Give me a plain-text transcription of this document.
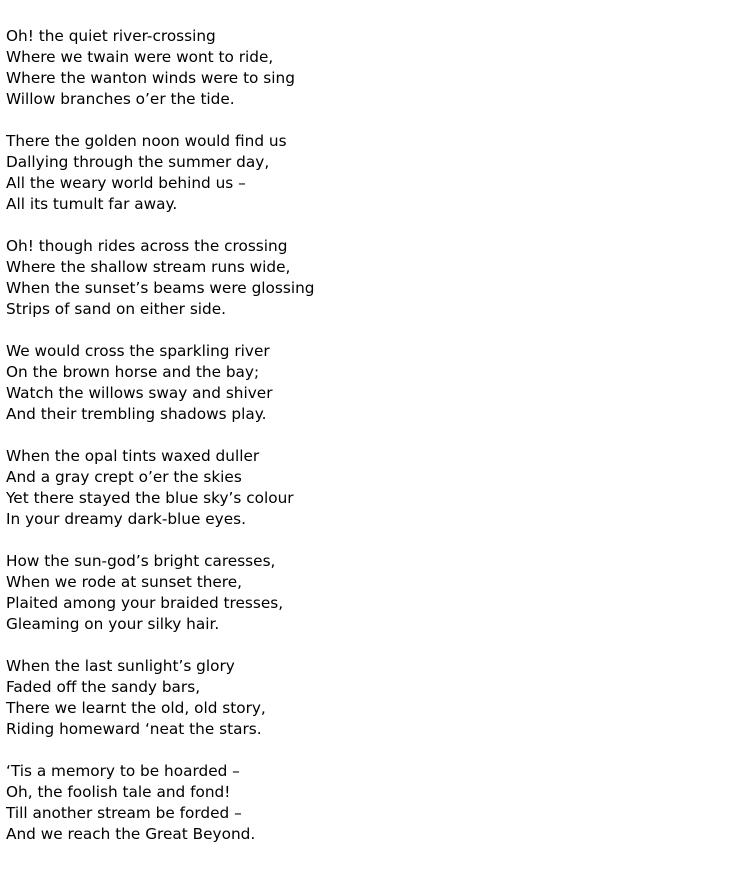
Oh! the quiet river-crossing
Where we twain were wont to ride,
Where the wanton winds were to sing
Willow branches o’er the tide.
There the golden noon would find us
Dallying through the summer day,
All the weary world behind us –
All its tumult far away.
Oh! though rides across the crossing
Where the shallow stream runs wide,
When the sunset’s beams were glossing
Strips of sand on either side.
We would cross the sparkling river
On the brown horse and the bay;
Watch the willows sway and shiver
And their trembling shadows play.
When the opal tints waxed duller
And a gray crept o’er the skies
Yet there stayed the blue sky’s colour
In your dreamy dark-blue eyes.
How the sun-god’s bright caresses,
When we rode at sunset there,
Plaited among your braided tresses,
Gleaming on your silky hair.
When the last sunlight’s glory
Faded off the sandy bars,
There we learnt the old, old story,
Riding homeward ‘neat the stars.
‘Tis a memory to be hoarded –
Oh, the foolish tale and fond!
Till another stream be forded –
And we reach the Great Beyond.
